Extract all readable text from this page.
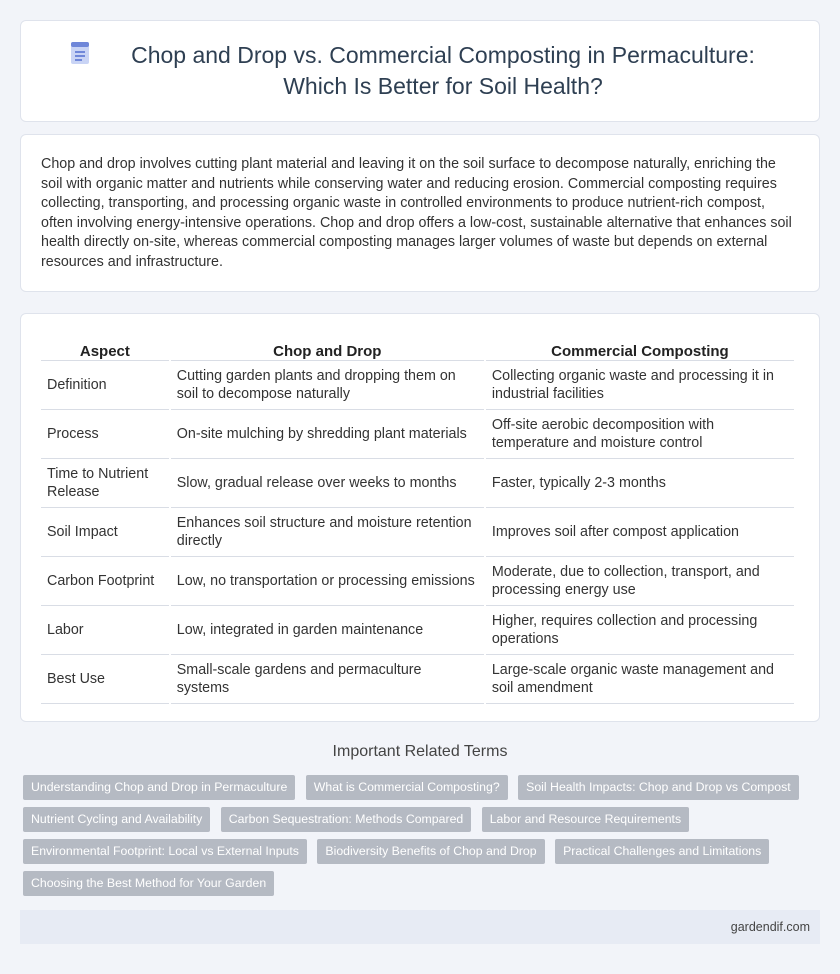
Chop and Drop vs. Commercial Composting in Permaculture: Which Is Better for Soil Health?

Chop and drop involves cutting plant material and leaving it on the soil surface to decompose naturally, enriching the soil with organic matter and nutrients while conserving water and reducing erosion. Commercial composting requires collecting, transporting, and processing organic waste in controlled environments to produce nutrient-rich compost, often involving energy-intensive operations. Chop and drop offers a low-cost, sustainable alternative that enhances soil health directly on-site, whereas commercial composting manages larger volumes of waste but depends on external resources and infrastructure.

Aspect	Chop and Drop	Commercial Composting
Definition	Cutting garden plants and dropping them on soil to decompose naturally	Collecting organic waste and processing it in industrial facilities
Process	On-site mulching by shredding plant materials	Off-site aerobic decomposition with temperature and moisture control
Time to Nutrient Release	Slow, gradual release over weeks to months	Faster, typically 2-3 months
Soil Impact	Enhances soil structure and moisture retention directly	Improves soil after compost application
Carbon Footprint	Low, no transportation or processing emissions	Moderate, due to collection, transport, and processing energy use
Labor	Low, integrated in garden maintenance	Higher, requires collection and processing operations
Best Use	Small-scale gardens and permaculture systems	Large-scale organic waste management and soil amendment
Important Related Terms
Understanding Chop and Drop in Permaculture What is Commercial Composting? Soil Health Impacts: Chop and Drop vs Compost Nutrient Cycling and Availability Carbon Sequestration: Methods Compared Labor and Resource Requirements Environmental Footprint: Local vs External Inputs Biodiversity Benefits of Chop and Drop Practical Challenges and Limitations Choosing the Best Method for Your Garden
gardendif.com
